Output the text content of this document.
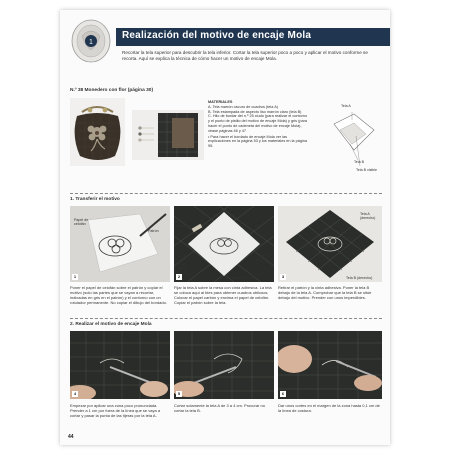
1
Realización del motivo de encaje Mola
Recortar la tela superior para descubrir la tela inferior. Cortar la tela superior poco a poco y aplicar el motivo conforme se recorta. Aquí se explica la técnica de cómo hacer un motivo de encaje Mola.
N.º 38 Monedero con flor (página 30)
MATERIALES
A. Tela marrón oscuro de cuadros (tela A)
B. Tela estampada de aspecto liso marrón claro (tela B)
C. Hilo de bordar del n.º 25 ciudo (para realizar el contorno y el punto de pistilo del motivo de encaje Mola) y gris (para hacer el punto de cadeneta del motivo de encaje Mola), véase páginas 46 y 47
• Para hacer el bordado de encaje Mola ver las explicaciones en la página 53 y los materiales en la página 95.
Tela A
Tela B
Tela B visible
1. Transferir el motivo
Papel de celofán
Patrón
1
Cinta adhesiva
Papel carbón
Papel de celofán
Tela A (derecho)
2
Tela A (derecho)
Tela B (derecho)
3
Poner el papel de celofán sobre el patrón y copiar el motivo (solo las partes que se vayan a recortar, indicadas en gris en el patrón) y el contorno con un rotulador permanente. No copiar el dibujo del bordado.
Fijar la tela A sobre la mesa con cinta adhesiva. La tela se coloca aquí al bies para obtener cuadros oblicuos. Colocar el papel carbón y encima el papel de celofán. Copiar el patrón sobre la tela.
Retirar el patrón y la cinta adhesiva. Poner la tela B debajo de la tela A. Comprobar que la tela B se sitúe debajo del motivo. Prender con unos imperdibles.
2. Realizar el motivo de encaje Mola
4	5	6
Empezar por aplicar una zona poco pronunciada. Prender a 1 cm por fuera de la línea que se vaya a cortar y pasar la punta de las tijeras por la tela A.
Cortar solamente la tela A de 3 a 4 cm. Procurar no cortar la tela B.
Dar unos cortes en el margen de la zona hasta 0,1 cm de la línea de costura.
44
